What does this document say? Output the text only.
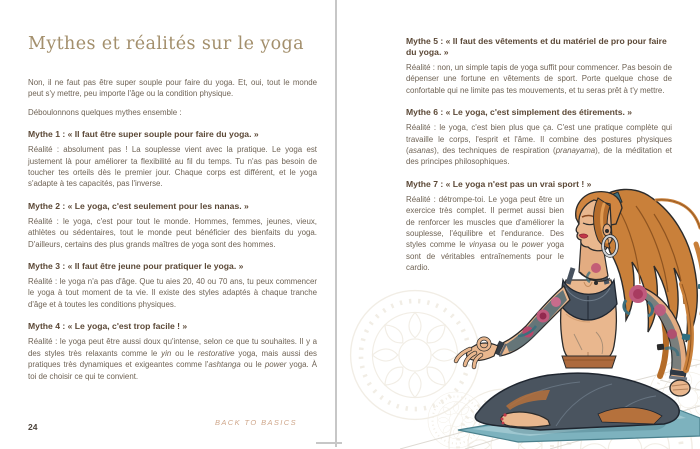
Mythes et réalités sur le yoga

Non, il ne faut pas être super souple pour faire du yoga. Et, oui, tout le monde peut s'y mettre, peu importe l'âge ou la condition physique.

Déboulonnons quelques mythes ensemble :

Mythe 1 : « Il faut être super souple pour faire du yoga. »

Réalité : absolument pas ! La souplesse vient avec la pratique. Le yoga est justement là pour améliorer ta flexibilité au fil du temps. Tu n'as pas besoin de toucher tes orteils dès le premier jour. Chaque corps est différent, et le yoga s'adapte à tes capacités, pas l'inverse.

Mythe 2 : « Le yoga, c'est seulement pour les nanas. »

Réalité : le yoga, c'est pour tout le monde. Hommes, femmes, jeunes, vieux, athlètes ou sédentaires, tout le monde peut bénéficier des bienfaits du yoga. D'ailleurs, certains des plus grands maîtres de yoga sont des hommes.

Mythe 3 : « Il faut être jeune pour pratiquer le yoga. »

Réalité : le yoga n'a pas d'âge. Que tu aies 20, 40 ou 70 ans, tu peux commencer le yoga à tout moment de ta vie. Il existe des styles adaptés à chaque tranche d'âge et à toutes les conditions physiques.

Mythe 4 : « Le yoga, c'est trop facile ! »

Réalité : le yoga peut être aussi doux qu'intense, selon ce que tu souhaites. Il y a des styles très relaxants comme le yin ou le restorative yoga, mais aussi des pratiques très dynamiques et exigeantes comme l'ashtanga ou le power yoga. À toi de choisir ce qui te convient.

24	BACK TO BASICS
Mythe 5 : « Il faut des vêtements et du matériel de pro pour faire du yoga. »

Réalité : non, un simple tapis de yoga suffit pour commencer. Pas besoin de dépenser une fortune en vêtements de sport. Porte quelque chose de confortable qui ne limite pas tes mouvements, et tu seras prêt à t'y mettre.

Mythe 6 : « Le yoga, c'est simplement des étirements. »

Réalité : le yoga, c'est bien plus que ça. C'est une pratique complète qui travaille le corps, l'esprit et l'âme. Il combine des postures physiques (asanas), des techniques de respiration (pranayama), de la méditation et des principes philosophiques.

Mythe 7 : « Le yoga n'est pas un vrai sport ! »

Réalité : détrompe-toi. Le yoga peut être un exercice très complet. Il permet aussi bien de renforcer les muscles que d'améliorer la souplesse, l'équilibre et l'endurance. Des styles comme le vinyasa ou le power yoga sont de véritables entraînements pour le cardio.
